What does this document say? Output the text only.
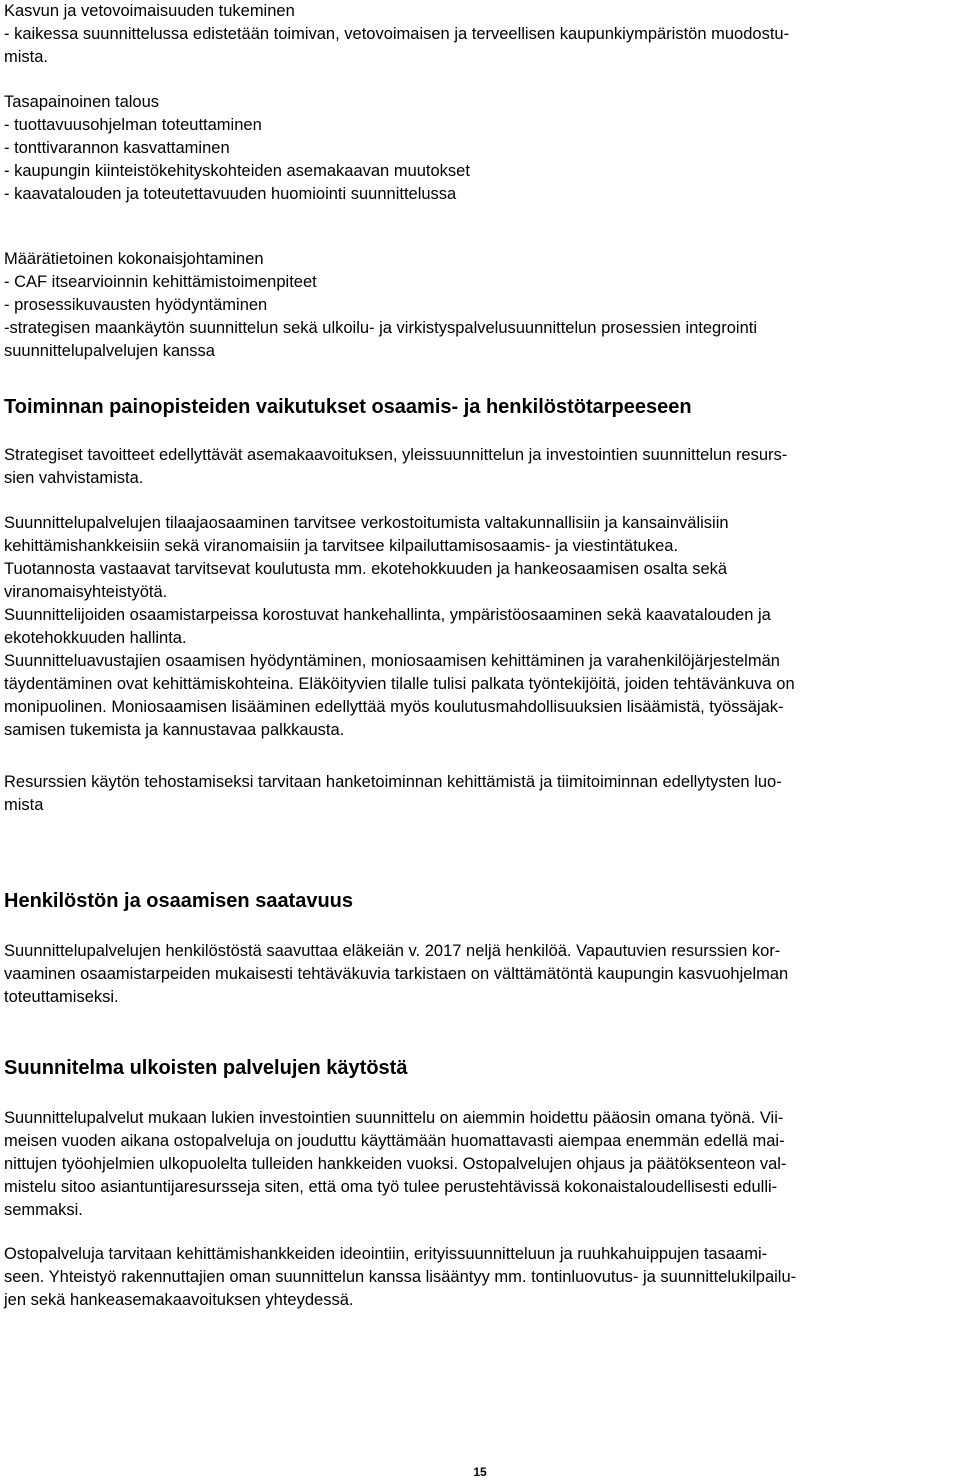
Kasvun ja vetovoimaisuuden tukeminen
- kaikessa suunnittelussa edistetään toimivan, vetovoimaisen ja terveellisen kaupunkiympäristön muodostu-
mista.
Tasapainoinen talous
- tuottavuusohjelman toteuttaminen
- tonttivarannon kasvattaminen
- kaupungin kiinteistökehityskohteiden asemakaavan muutokset
- kaavatalouden ja toteutettavuuden huomiointi suunnittelussa
Määrätietoinen kokonaisjohtaminen
- CAF itsearvioinnin kehittämistoimenpiteet
- prosessikuvausten hyödyntäminen
-strategisen maankäytön suunnittelun sekä ulkoilu- ja virkistyspalvelusuunnittelun prosessien integrointi
suunnittelupalvelujen kanssa
Toiminnan painopisteiden vaikutukset osaamis- ja henkilöstötarpeeseen
Strategiset tavoitteet edellyttävät asemakaavoituksen, yleissuunnittelun ja investointien suunnittelun resurs-
sien vahvistamista.
Suunnittelupalvelujen tilaajaosaaminen tarvitsee verkostoitumista valtakunnallisiin ja kansainvälisiin
kehittämishankkeisiin sekä viranomaisiin ja tarvitsee kilpailuttamisosaamis- ja viestintätukea.
Tuotannosta vastaavat tarvitsevat koulutusta mm. ekotehokkuuden ja hankeosaamisen osalta sekä
viranomaisyhteistyötä.
Suunnittelijoiden osaamistarpeissa korostuvat hankehallinta, ympäristöosaaminen sekä kaavatalouden ja
ekotehokkuuden hallinta.
Suunnitteluavustajien osaamisen hyödyntäminen, moniosaamisen kehittäminen ja varahenkilöjärjestelmän
täydentäminen ovat kehittämiskohteina. Eläköityvien tilalle tulisi palkata työntekijöitä, joiden tehtävänkuva on
monipuolinen. Moniosaamisen lisääminen edellyttää myös koulutusmahdollisuuksien lisäämistä, työssäjak-
samisen tukemista ja kannustavaa palkkausta.
Resurssien käytön tehostamiseksi tarvitaan hanketoiminnan kehittämistä ja tiimitoiminnan edellytysten luo-
mista
Henkilöstön ja osaamisen saatavuus
Suunnittelupalvelujen henkilöstöstä saavuttaa eläkeiän v. 2017 neljä henkilöä. Vapautuvien resurssien kor-
vaaminen osaamistarpeiden mukaisesti tehtäväkuvia tarkistaen on välttämätöntä kaupungin kasvuohjelman
toteuttamiseksi.
Suunnitelma ulkoisten palvelujen käytöstä
Suunnittelupalvelut mukaan lukien investointien suunnittelu on aiemmin hoidettu pääosin omana työnä. Vii-
meisen vuoden aikana ostopalveluja on jouduttu käyttämään huomattavasti aiempaa enemmän edellä mai-
nittujen työohjelmien ulkopuolelta tulleiden hankkeiden vuoksi. Ostopalvelujen ohjaus ja päätöksenteon val-
mistelu sitoo asiantuntijaresursseja siten, että oma työ tulee perustehtävissä kokonaistaloudellisesti edulli-
semmaksi.
Ostopalveluja tarvitaan kehittämishankkeiden ideointiin, erityissuunnitteluun ja ruuhkahuippujen tasaami-
seen. Yhteistyö rakennuttajien oman suunnittelun kanssa lisääntyy mm. tontinluovutus- ja suunnittelukilpailu-
jen sekä hankeasemakaavoituksen yhteydessä.
15
